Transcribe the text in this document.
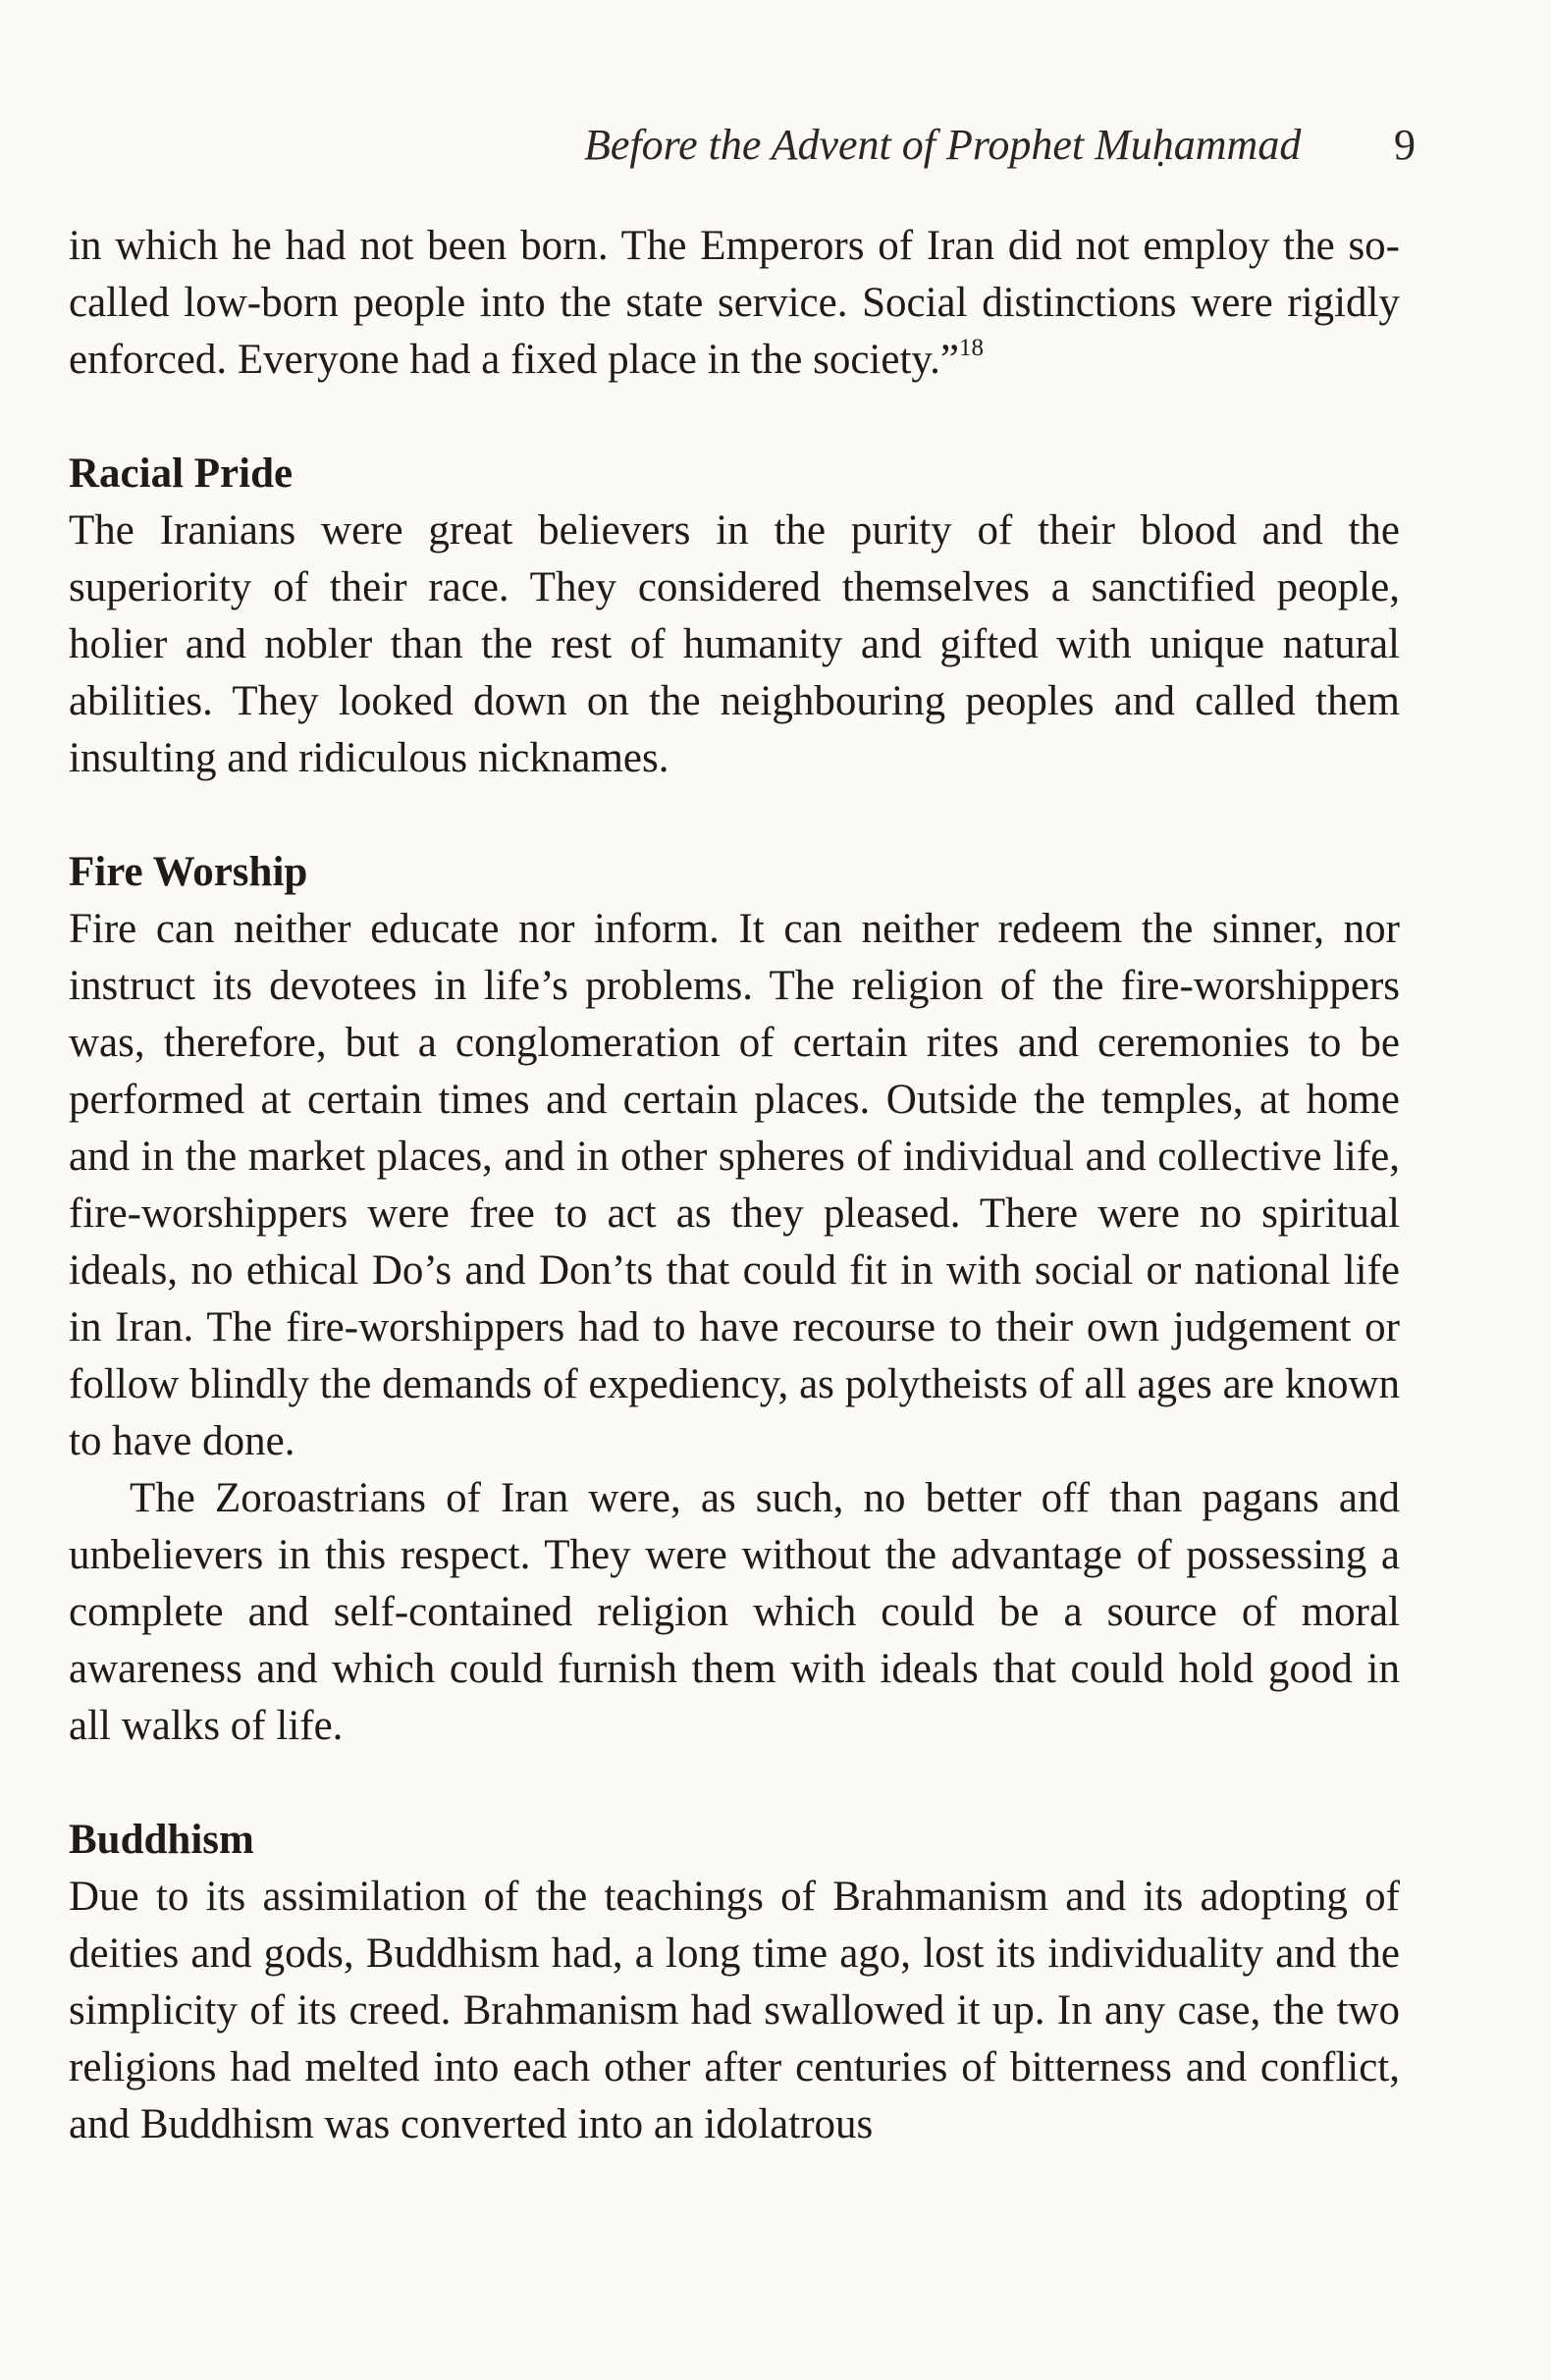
Before the Advent of Prophet Muḥammad 9

in which he had not been born. The Emperors of Iran did not employ the so-called low-born people into the state service. Social distinctions were rigidly enforced. Everyone had a fixed place in the society.”$^{18}$

Racial Pride

The Iranians were great believers in the purity of their blood and the superiority of their race. They considered themselves a sanctified people, holier and nobler than the rest of humanity and gifted with unique natural abilities. They looked down on the neighbouring peoples and called them insulting and ridiculous nicknames.

Fire Worship

Fire can neither educate nor inform. It can neither redeem the sinner, nor instruct its devotees in life’s problems. The religion of the fire-worshippers was, therefore, but a conglomeration of certain rites and ceremonies to be performed at certain times and certain places. Outside the temples, at home and in the market places, and in other spheres of individual and collective life, fire-worshippers were free to act as they pleased. There were no spiritual ideals, no ethical Do’s and Don’ts that could fit in with social or national life in Iran. The fire-worshippers had to have recourse to their own judgement or follow blindly the demands of expediency, as polytheists of all ages are known to have done.

The Zoroastrians of Iran were, as such, no better off than pagans and unbelievers in this respect. They were without the advantage of possessing a complete and self-contained religion which could be a source of moral awareness and which could furnish them with ideals that could hold good in all walks of life.

Buddhism

Due to its assimilation of the teachings of Brahmanism and its adopting of deities and gods, Buddhism had, a long time ago, lost its individuality and the simplicity of its creed. Brahmanism had swallowed it up. In any case, the two religions had melted into each other after centuries of bitterness and conflict, and Buddhism was converted into an idolatrous
